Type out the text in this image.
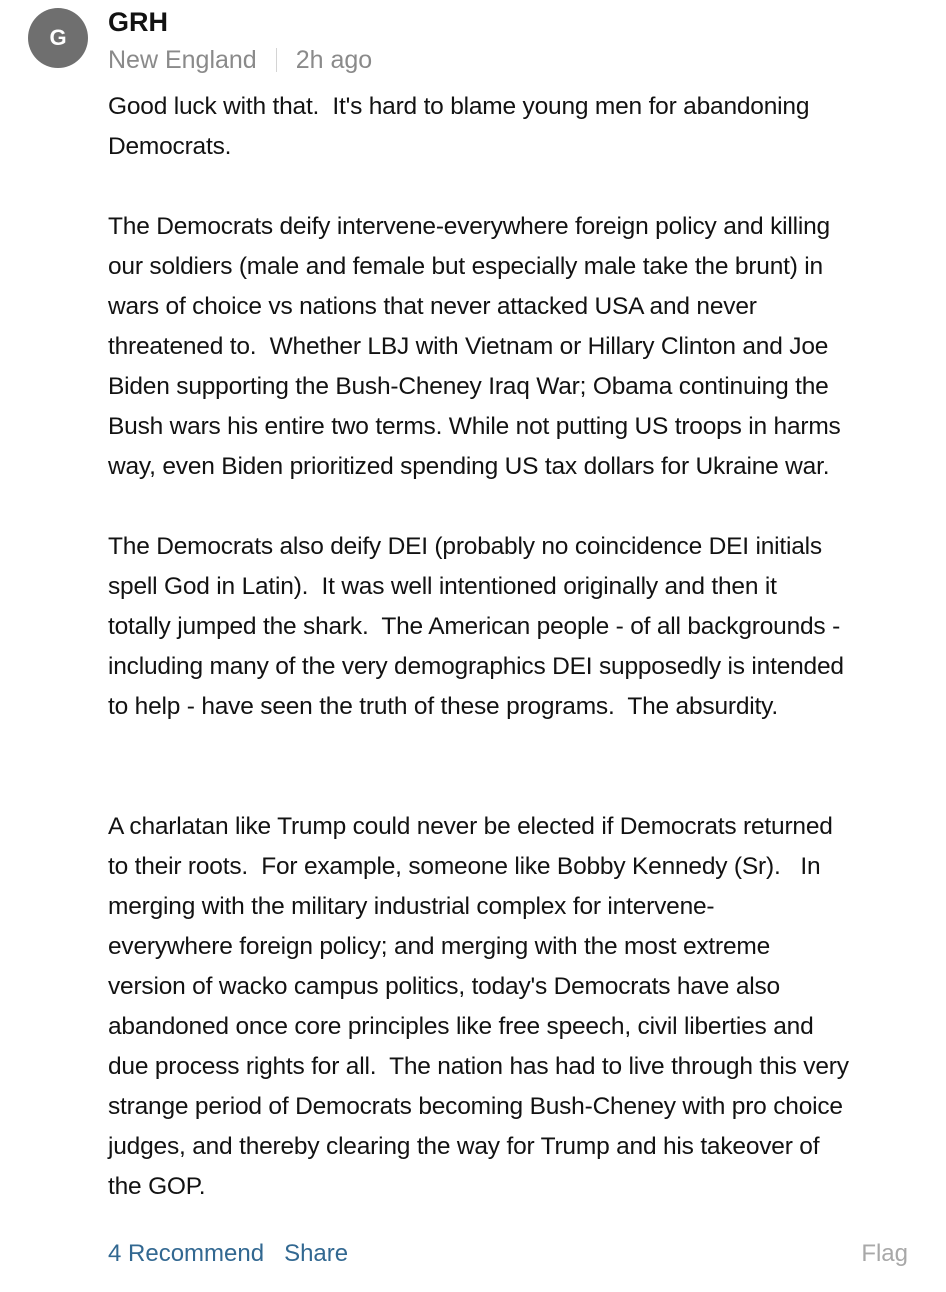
G
GRH
New England 2h ago

Good luck with that.  It's hard to blame young men for abandoning
Democrats.

The Democrats deify intervene-everywhere foreign policy and killing
our soldiers (male and female but especially male take the brunt) in
wars of choice vs nations that never attacked USA and never
threatened to.  Whether LBJ with Vietnam or Hillary Clinton and Joe
Biden supporting the Bush-Cheney Iraq War; Obama continuing the
Bush wars his entire two terms. While not putting US troops in harms
way, even Biden prioritized spending US tax dollars for Ukraine war.

The Democrats also deify DEI (probably no coincidence DEI initials
spell God in Latin).  It was well intentioned originally and then it
totally jumped the shark.  The American people - of all backgrounds -
including many of the very demographics DEI supposedly is intended
to help - have seen the truth of these programs.  The absurdity.

A charlatan like Trump could never be elected if Democrats returned
to their roots.  For example, someone like Bobby Kennedy (Sr).   In
merging with the military industrial complex for intervene-
everywhere foreign policy; and merging with the most extreme
version of wacko campus politics, today's Democrats have also
abandoned once core principles like free speech, civil liberties and
due process rights for all.  The nation has had to live through this very
strange period of Democrats becoming Bush-Cheney with pro choice
judges, and thereby clearing the way for Trump and his takeover of
the GOP.

4 Recommend Share	Flag
